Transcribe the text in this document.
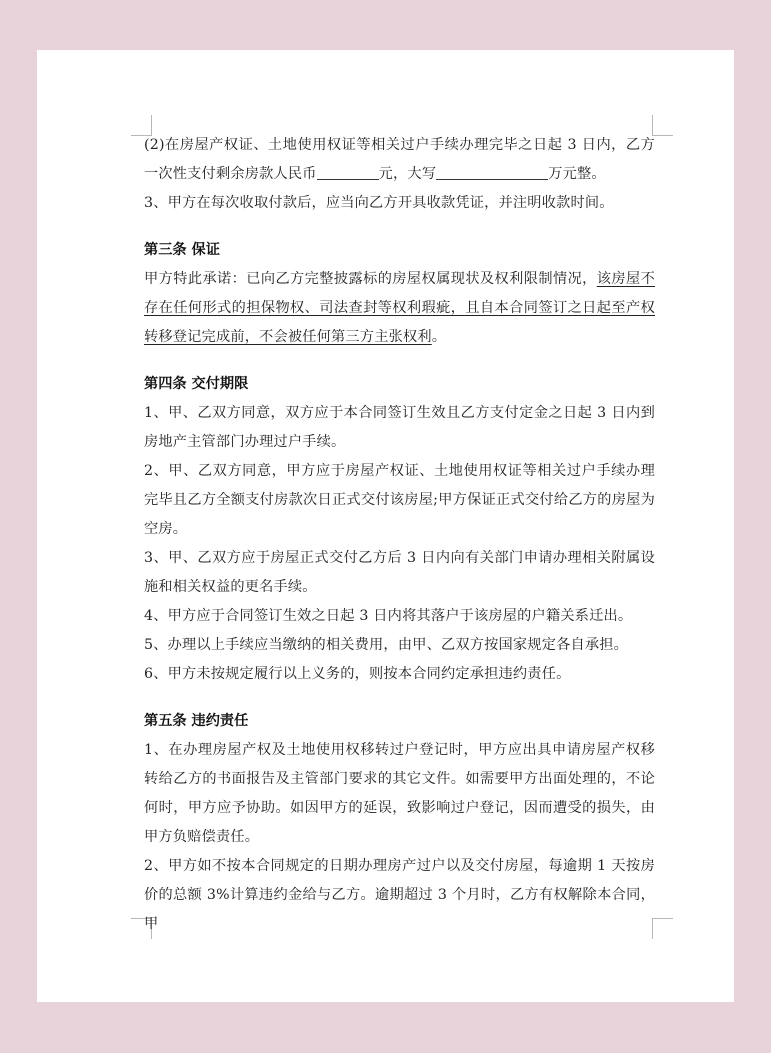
(2)在房屋产权证、土地使用权证等相关过户手续办理完毕之日起 3 日内，乙方一次性支付剩余房款人民币	元，大写	万元整。

3、甲方在每次收取付款后，应当向乙方开具收款凭证，并注明收款时间。

第三条 保证

甲方特此承诺：已向乙方完整披露标的房屋权属现状及权利限制情况，该房屋不存在任何形式的担保物权、司法查封等权利瑕疵，且自本合同签订之日起至产权转移登记完成前，不会被任何第三方主张权利。

第四条 交付期限

1、甲、乙双方同意，双方应于本合同签订生效且乙方支付定金之日起 3 日内到房地产主管部门办理过户手续。

2、甲、乙双方同意，甲方应于房屋产权证、土地使用权证等相关过户手续办理完毕且乙方全额支付房款次日正式交付该房屋;甲方保证正式交付给乙方的房屋为空房。

3、甲、乙双方应于房屋正式交付乙方后 3 日内向有关部门申请办理相关附属设施和相关权益的更名手续。

4、甲方应于合同签订生效之日起 3 日内将其落户于该房屋的户籍关系迁出。

5、办理以上手续应当缴纳的相关费用，由甲、乙双方按国家规定各自承担。

6、甲方未按规定履行以上义务的，则按本合同约定承担违约责任。

第五条 违约责任

1、在办理房屋产权及土地使用权移转过户登记时，甲方应出具申请房屋产权移转给乙方的书面报告及主管部门要求的其它文件。如需要甲方出面处理的，不论何时，甲方应予协助。如因甲方的延误，致影响过户登记，因而遭受的损失，由甲方负赔偿责任。

2、甲方如不按本合同规定的日期办理房产过户以及交付房屋，每逾期 1 天按房价的总额 3%计算违约金给与乙方。逾期超过 3 个月时，乙方有权解除本合同，甲
